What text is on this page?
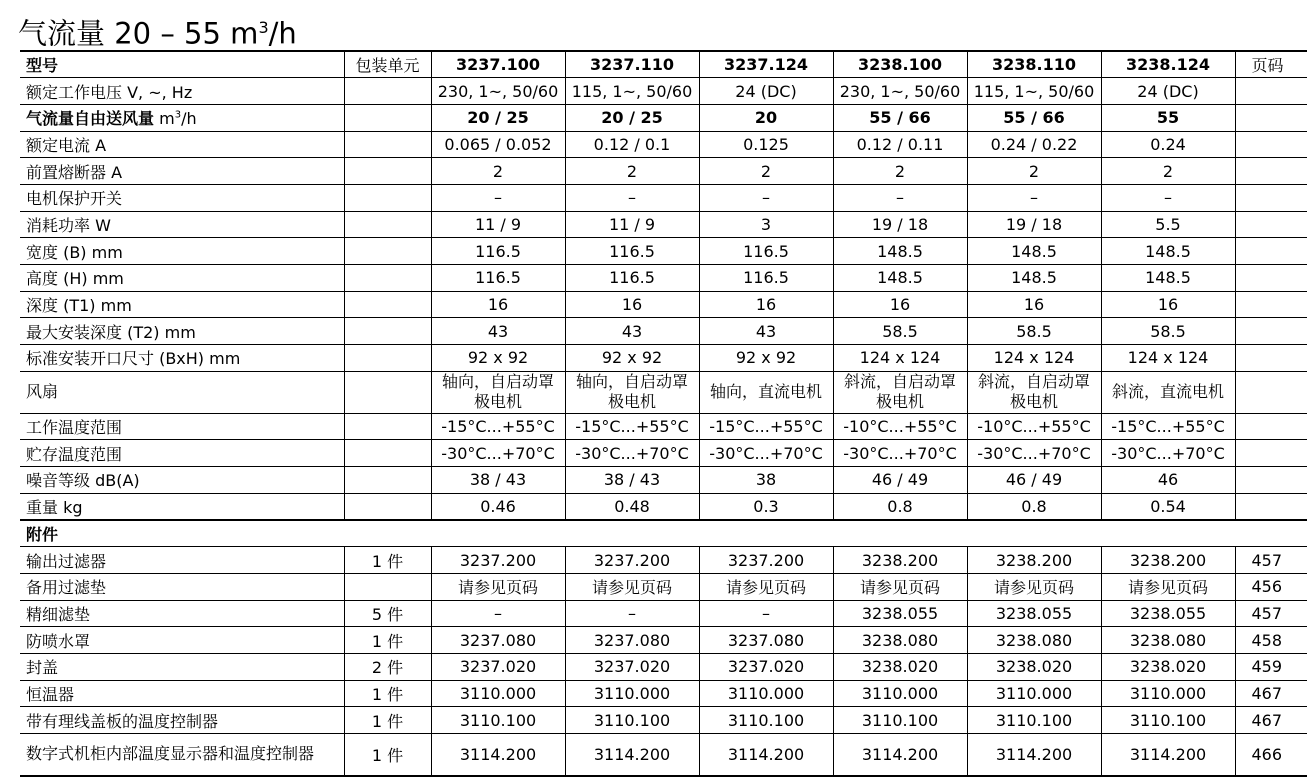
气流量 20 – 55 $m^3/h$
型号	包装单元	3237.100	3237.110	3237.124	3238.100	3238.110	3238.124	页码
额定工作电压 V, ~, Hz		230, 1~, 50/60	115, 1~, 50/60	24 (DC)	230, 1~, 50/60	115, 1~, 50/60	24 (DC)	
气流量自由送风量 $m^3/h$		20 / 25	20 / 25	20	55 / 66	55 / 66	55	
额定电流 A		0.065 / 0.052	0.12 / 0.1	0.125	0.12 / 0.11	0.24 / 0.22	0.24	
前置熔断器 A		2	2	2	2	2	2	
电机保护开关		–	–	–	–	–	–	
消耗功率 W		11 / 9	11 / 9	3	19 / 18	19 / 18	5.5	
宽度 (B) mm		116.5	116.5	116.5	148.5	148.5	148.5	
高度 (H) mm		116.5	116.5	116.5	148.5	148.5	148.5	
深度 (T1) mm		16	16	16	16	16	16	
最大安装深度 (T2) mm		43	43	43	58.5	58.5	58.5	
标准安装开口尺寸 (BxH) mm		92 x 92	92 x 92	92 x 92	124 x 124	124 x 124	124 x 124	
风扇		轴向，自启动罩极电机	轴向，自启动罩极电机	轴向，直流电机	斜流，自启动罩极电机	斜流，自启动罩极电机	斜流，直流电机	
工作温度范围		-15°C...+55°C	-15°C...+55°C	-15°C...+55°C	-10°C...+55°C	-10°C...+55°C	-15°C...+55°C	
贮存温度范围		-30°C...+70°C	-30°C...+70°C	-30°C...+70°C	-30°C...+70°C	-30°C...+70°C	-30°C...+70°C	
噪音等级 dB(A)		38 / 43	38 / 43	38	46 / 49	46 / 49	46	
重量 kg		0.46	0.48	0.3	0.8	0.8	0.54	
附件								
输出过滤器	1 件	3237.200	3237.200	3237.200	3238.200	3238.200	3238.200	457
备用过滤垫		请参见页码	请参见页码	请参见页码	请参见页码	请参见页码	请参见页码	456
精细滤垫	5 件	–	–	–	3238.055	3238.055	3238.055	457
防喷水罩	1 件	3237.080	3237.080	3237.080	3238.080	3238.080	3238.080	458
封盖	2 件	3237.020	3237.020	3237.020	3238.020	3238.020	3238.020	459
恒温器	1 件	3110.000	3110.000	3110.000	3110.000	3110.000	3110.000	467
带有理线盖板的温度控制器	1 件	3110.100	3110.100	3110.100	3110.100	3110.100	3110.100	467
数字式机柜内部温度显示器和温度控制器	1 件	3114.200	3114.200	3114.200	3114.200	3114.200	3114.200	466
